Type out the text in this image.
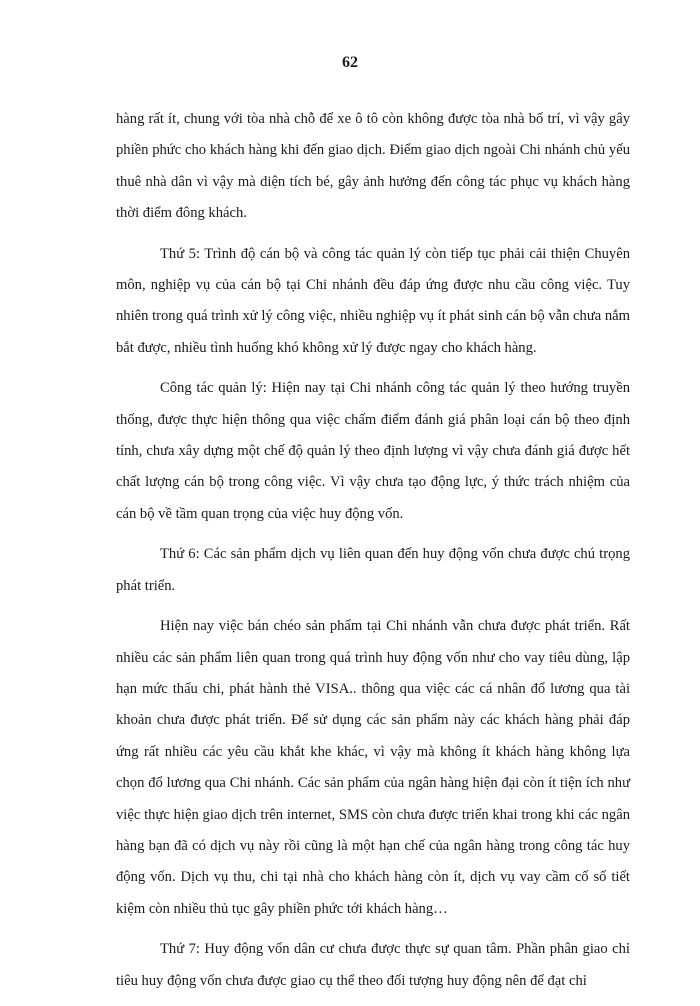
62

hàng rất ít, chung với tòa nhà chỗ để xe ô tô còn không được tòa nhà bố trí, vì vậy gây phiền phức cho khách hàng khi đến giao dịch. Điểm giao dịch ngoài Chi nhánh chủ yếu thuê nhà dân vì vậy mà diện tích bé, gây ảnh hưởng đến công tác phục vụ khách hàng thời điểm đông khách.

Thứ 5: Trình độ cán bộ và công tác quản lý còn tiếp tục phải cải thiện Chuyên môn, nghiệp vụ của cán bộ tại Chi nhánh đều đáp ứng được nhu cầu công việc. Tuy nhiên trong quá trình xử lý công việc, nhiều nghiệp vụ ít phát sinh cán bộ vẫn chưa nắm bắt được, nhiều tình huống khó không xử lý được ngay cho khách hàng.

Công tác quản lý: Hiện nay tại Chi nhánh công tác quản lý theo hướng truyền thống, được thực hiện thông qua việc chấm điểm đánh giá phân loại cán bộ theo định tính, chưa xây dựng một chế độ quản lý theo định lượng vì vậy chưa đánh giá được hết chất lượng cán bộ trong công việc. Vì vậy chưa tạo động lực, ý thức trách nhiệm của cán bộ về tầm quan trọng của việc huy động vốn.

Thứ 6: Các sản phẩm dịch vụ liên quan đến huy động vốn chưa được chú trọng phát triển.

Hiện nay việc bán chéo sản phẩm tại Chi nhánh vẫn chưa được phát triển. Rất nhiều các sản phẩm liên quan trong quá trình huy động vốn như cho vay tiêu dùng, lập hạn mức thấu chi, phát hành thẻ VISA.. thông qua việc các cá nhân đổ lương qua tài khoản chưa được phát triển. Để sử dụng các sản phẩm này các khách hàng phải đáp ứng rất nhiều các yêu cầu khắt khe khác, vì vậy mà không ít khách hàng không lựa chọn đổ lương qua Chi nhánh. Các sản phẩm của ngân hàng hiện đại còn ít tiện ích như việc thực hiện giao dịch trên internet, SMS còn chưa được triển khai trong khi các ngân hàng bạn đã có dịch vụ này rồi cũng là một hạn chế của ngân hàng trong công tác huy động vốn. Dịch vụ thu, chi tại nhà cho khách hàng còn ít, dịch vụ vay cầm cố sổ tiết kiệm còn nhiều thủ tục gây phiền phức tới khách hàng…

Thứ 7: Huy động vốn dân cư chưa được thực sự quan tâm. Phần phân giao chỉ tiêu huy động vốn chưa được giao cụ thể theo đối tượng huy động nên để đạt chỉ
